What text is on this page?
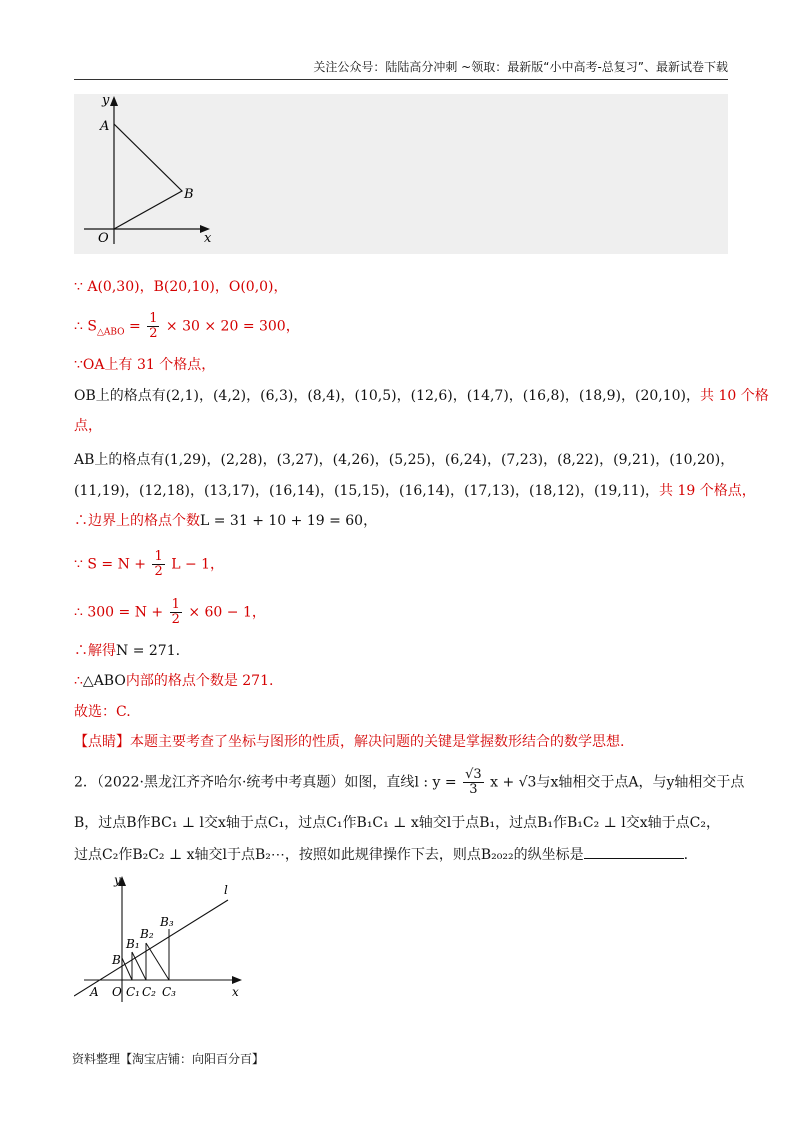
关注公众号：陆陆高分冲刺 ~领取：最新版“小中高考-总复习”、最新试卷下载
y
x
A
B
O
∵ A(0,30)，B(20,10)，O(0,0)，
∴ $S_{\triangle ABO} = \frac{1}{2} \times 30 \times 20 = 300$，
∵OA上有 31 个格点，
OB上的格点有(2,1)，(4,2)，(6,3)，(8,4)，(10,5)，(12,6)，(14,7)，(16,8)，(18,9)，(20,10)，共 10 个格
点，
AB上的格点有(1,29)，(2,28)，(3,27)，(4,26)，(5,25)，(6,24)，(7,23)，(8,22)，(9,21)，(10,20)，
(11,19)，(12,18)，(13,17)，(16,14)，(15,15)，(16,14)，(17,13)，(18,12)，(19,11)，共 19 个格点，
∴边界上的格点个数L = 31 + 10 + 19 = 60，
∵ $S = N + \frac{1}{2}$ L − 1，
∴ $300 = N + \frac{1}{2} \times 60 - 1$，
∴解得N = 271.
∴△ABO内部的格点个数是 271.
故选：C.
【点睛】本题主要考查了坐标与图形的性质，解决问题的关键是掌握数形结合的数学思想.
2．（2022·黑龙江齐齐哈尔·统考中考真题）如图，直线l : $y = \frac{√3}{3}$ x + √3与x轴相交于点A，与y轴相交于点
B，过点B作BC₁ ⊥ l交x轴于点C₁，过点C₁作B₁C₁ ⊥ x轴交l于点B₁，过点B₁作B₁C₂ ⊥ l交x轴于点C₂，
过点C₂作B₂C₂ ⊥ x轴交l于点B₂⋯，按照如此规律操作下去，则点B₂₀₂₂的纵坐标是	.
y
x
l
A O
B
B₁
B₂
B₃
C₁ C₂ C₃
资料整理【淘宝店铺：向阳百分百】
